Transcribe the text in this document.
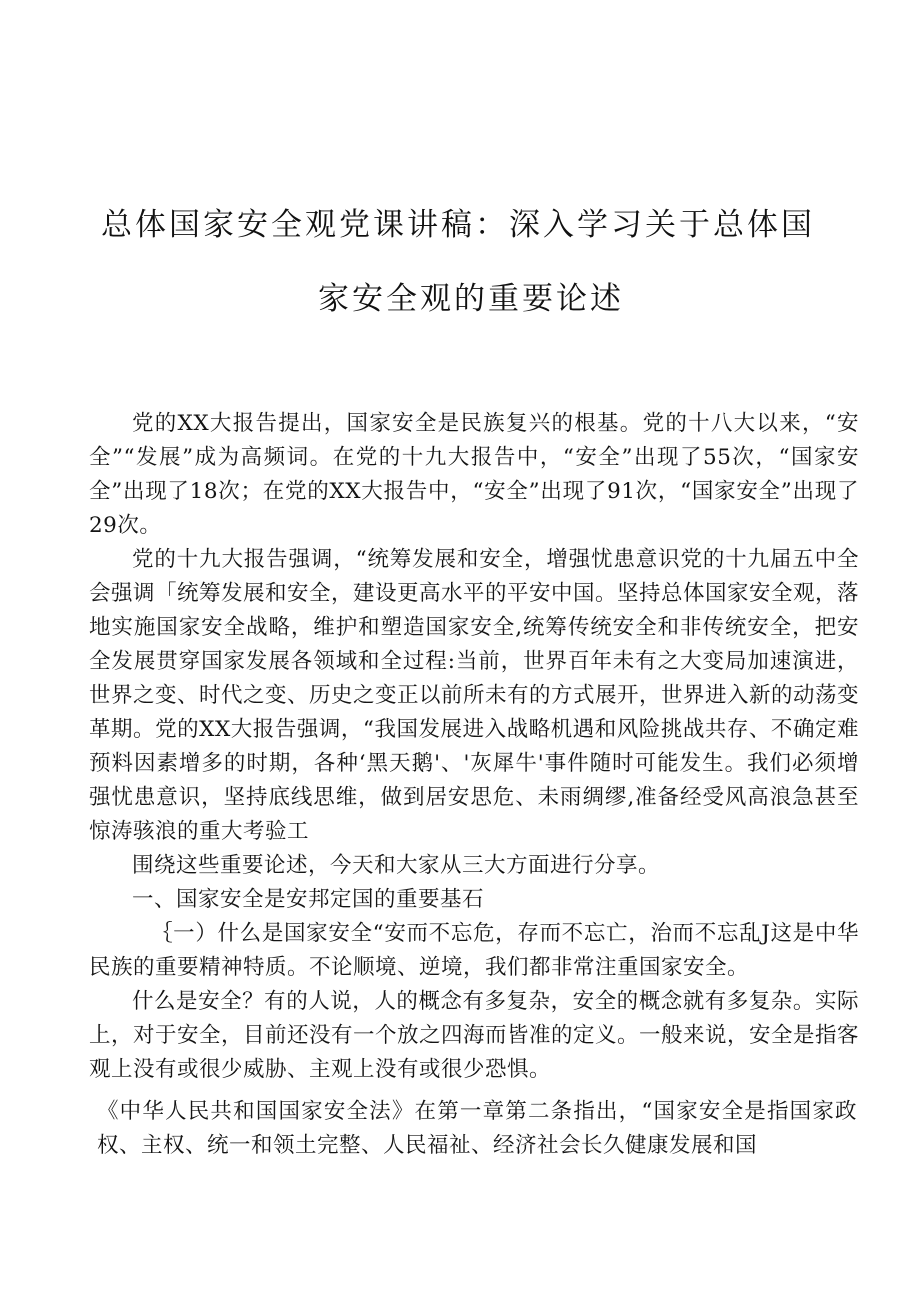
总体国家安全观党课讲稿：深入学习关于总体国
家安全观的重要论述

党的XX大报告提出，国家安全是民族复兴的根基。党的十八大以来，“安全”“发展”成为高频词。在党的十九大报告中，“安全”出现了55次，“国家安全”出现了18次；在党的XX大报告中，“安全”出现了91次，“国家安全”出现了29次。

党的十九大报告强调，“统筹发展和安全，增强忧患意识党的十九届五中全会强调「统筹发展和安全，建设更高水平的平安中国。坚持总体国家安全观，落地实施国家安全战略，维护和塑造国家安全,统筹传统安全和非传统安全，把安全发展贯穿国家发展各领域和全过程:当前，世界百年未有之大变局加速演进，世界之变、时代之变、历史之变正以前所未有的方式展开，世界进入新的动荡变革期。党的XX大报告强调，“我国发展进入战略机遇和风险挑战共存、不确定难预料因素增多的时期，各种‘黑天鹅'、'灰犀牛'事件随时可能发生。我们必须增强忧患意识，坚持底线思维，做到居安思危、未雨绸缪,准备经受风高浪急甚至惊涛骇浪的重大考验工

围绕这些重要论述，今天和大家从三大方面进行分享。

一、国家安全是安邦定国的重要基石

｛一）什么是国家安全“安而不忘危，存而不忘亡，治而不忘乱J这是中华民族的重要精神特质。不论顺境、逆境，我们都非常注重国家安全。

什么是安全？有的人说，人的概念有多复杂，安全的概念就有多复杂。实际上，对于安全，目前还没有一个放之四海而皆准的定义。一般来说，安全是指客观上没有或很少威胁、主观上没有或很少恐惧。

《中华人民共和国国家安全法》在第一章第二条指出，“国家安全是指国家政权、主权、统一和领土完整、人民福祉、经济社会长久健康发展和国
